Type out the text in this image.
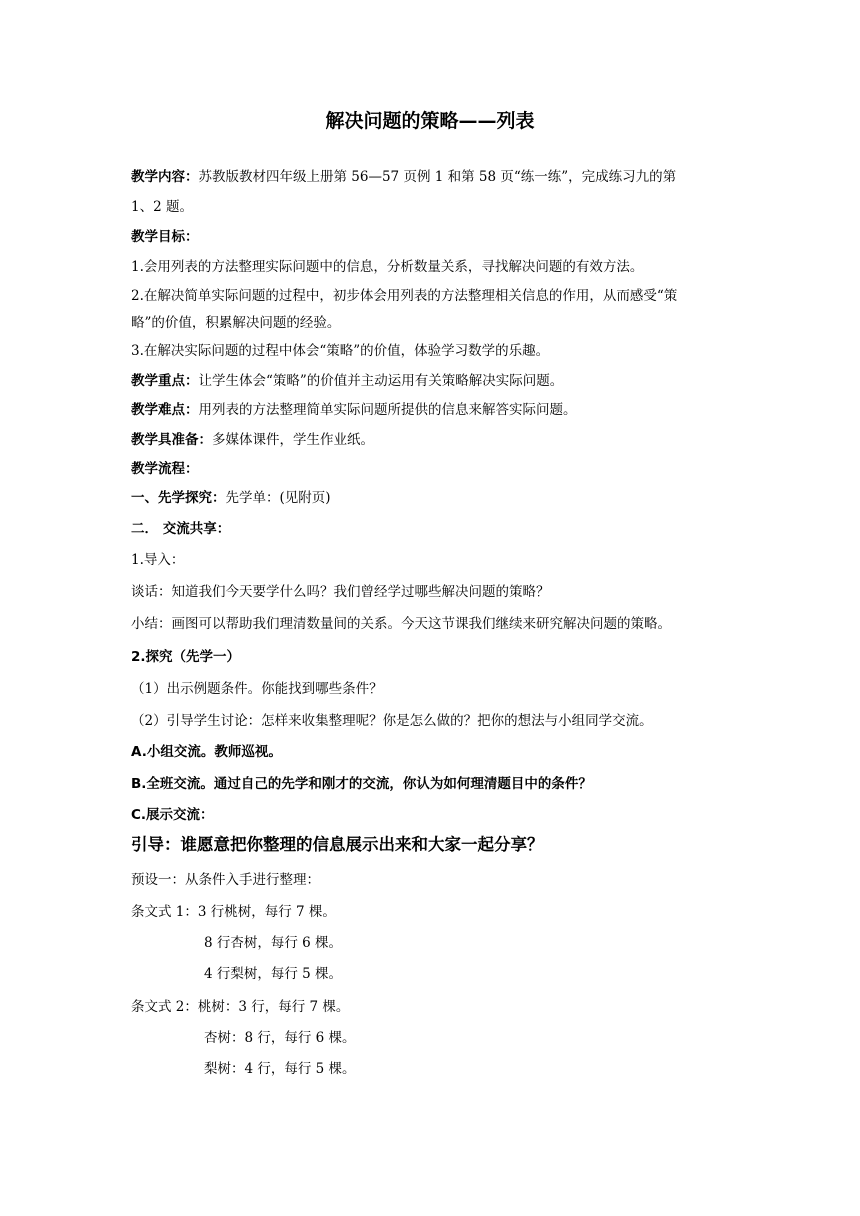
解决问题的策略——列表
教学内容：苏教版教材四年级上册第 56—57 页例 1 和第 58 页“练一练”，完成练习九的第
1、2 题。
教学目标：
1.会用列表的方法整理实际问题中的信息，分析数量关系，寻找解决问题的有效方法。
2.在解决简单实际问题的过程中，初步体会用列表的方法整理相关信息的作用，从而感受“策
略”的价值，积累解决问题的经验。
3.在解决实际问题的过程中体会“策略”的价值，体验学习数学的乐趣。
教学重点：让学生体会“策略”的价值并主动运用有关策略解决实际问题。
教学难点：用列表的方法整理简单实际问题所提供的信息来解答实际问题。
教学具准备：多媒体课件，学生作业纸。
教学流程：
一、先学探究：先学单：(见附页)
二． 交流共享：
1.导入：
谈话：知道我们今天要学什么吗？我们曾经学过哪些解决问题的策略？
小结：画图可以帮助我们理清数量间的关系。今天这节课我们继续来研究解决问题的策略。
2.探究（先学一）
（1）出示例题条件。你能找到哪些条件？
（2）引导学生讨论：怎样来收集整理呢？你是怎么做的？把你的想法与小组同学交流。
A.小组交流。教师巡视。
B.全班交流。通过自己的先学和刚才的交流，你认为如何理清题目中的条件？
C.展示交流：
引导：谁愿意把你整理的信息展示出来和大家一起分享？
预设一：从条件入手进行整理：
条文式 1：3 行桃树，每行 7 棵。
8 行杏树，每行 6 棵。
4 行梨树，每行 5 棵。
条文式 2：桃树：3 行，每行 7 棵。
杏树：8 行，每行 6 棵。
梨树：4 行，每行 5 棵。
